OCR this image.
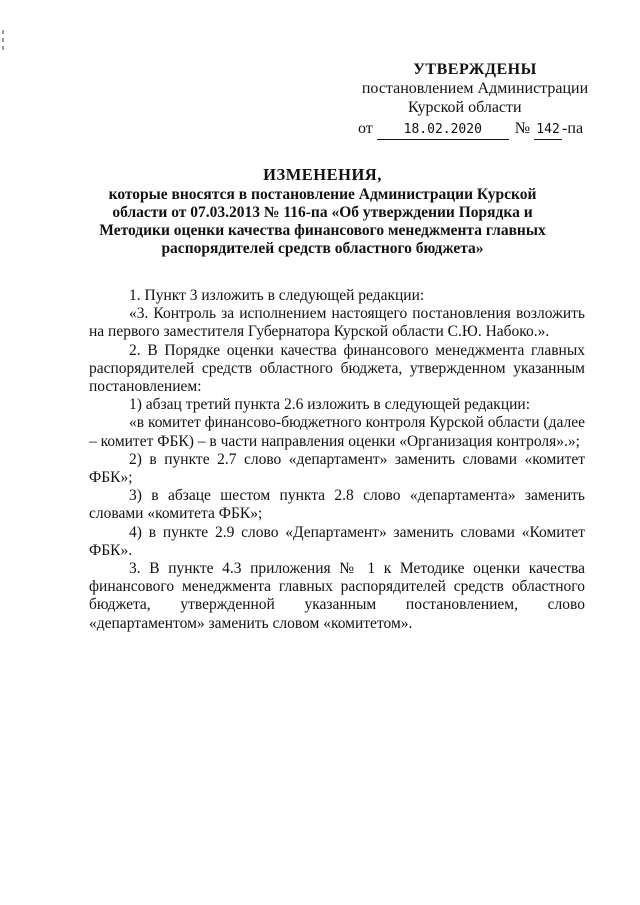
УТВЕРЖДЕНЫ
постановлением Администрации
Курской области
от	18.02.2020	№ 142 -па
ИЗМЕНЕНИЯ,
которые вносятся в постановление Администрации Курской области от 07.03.2013 № 116-па «Об утверждении Порядка и Методики оценки качества финансового менеджмента главных распорядителей средств областного бюджета»

1. Пункт 3 изложить в следующей редакции:

«3. Контроль за исполнением настоящего постановления возложить на первого заместителя Губернатора Курской области С.Ю. Набоко.».

2. В Порядке оценки качества финансового менеджмента главных распорядителей средств областного бюджета, утвержденном указанным постановлением:

1) абзац третий пункта 2.6 изложить в следующей редакции:

«в комитет финансово-бюджетного контроля Курской области (далее – комитет ФБК) – в части направления оценки «Организация контроля».»;

2) в пункте 2.7 слово «департамент» заменить словами «комитет ФБК»;

3) в абзаце шестом пункта 2.8 слово «департамента» заменить словами «комитета ФБК»;

4) в пункте 2.9 слово «Департамент» заменить словами «Комитет ФБК».

3. В пункте 4.3 приложения № 1 к Методике оценки качества финансового менеджмента главных распорядителей средств областного бюджета, утвержденной указанным постановлением, слово «департаментом» заменить словом «комитетом».
